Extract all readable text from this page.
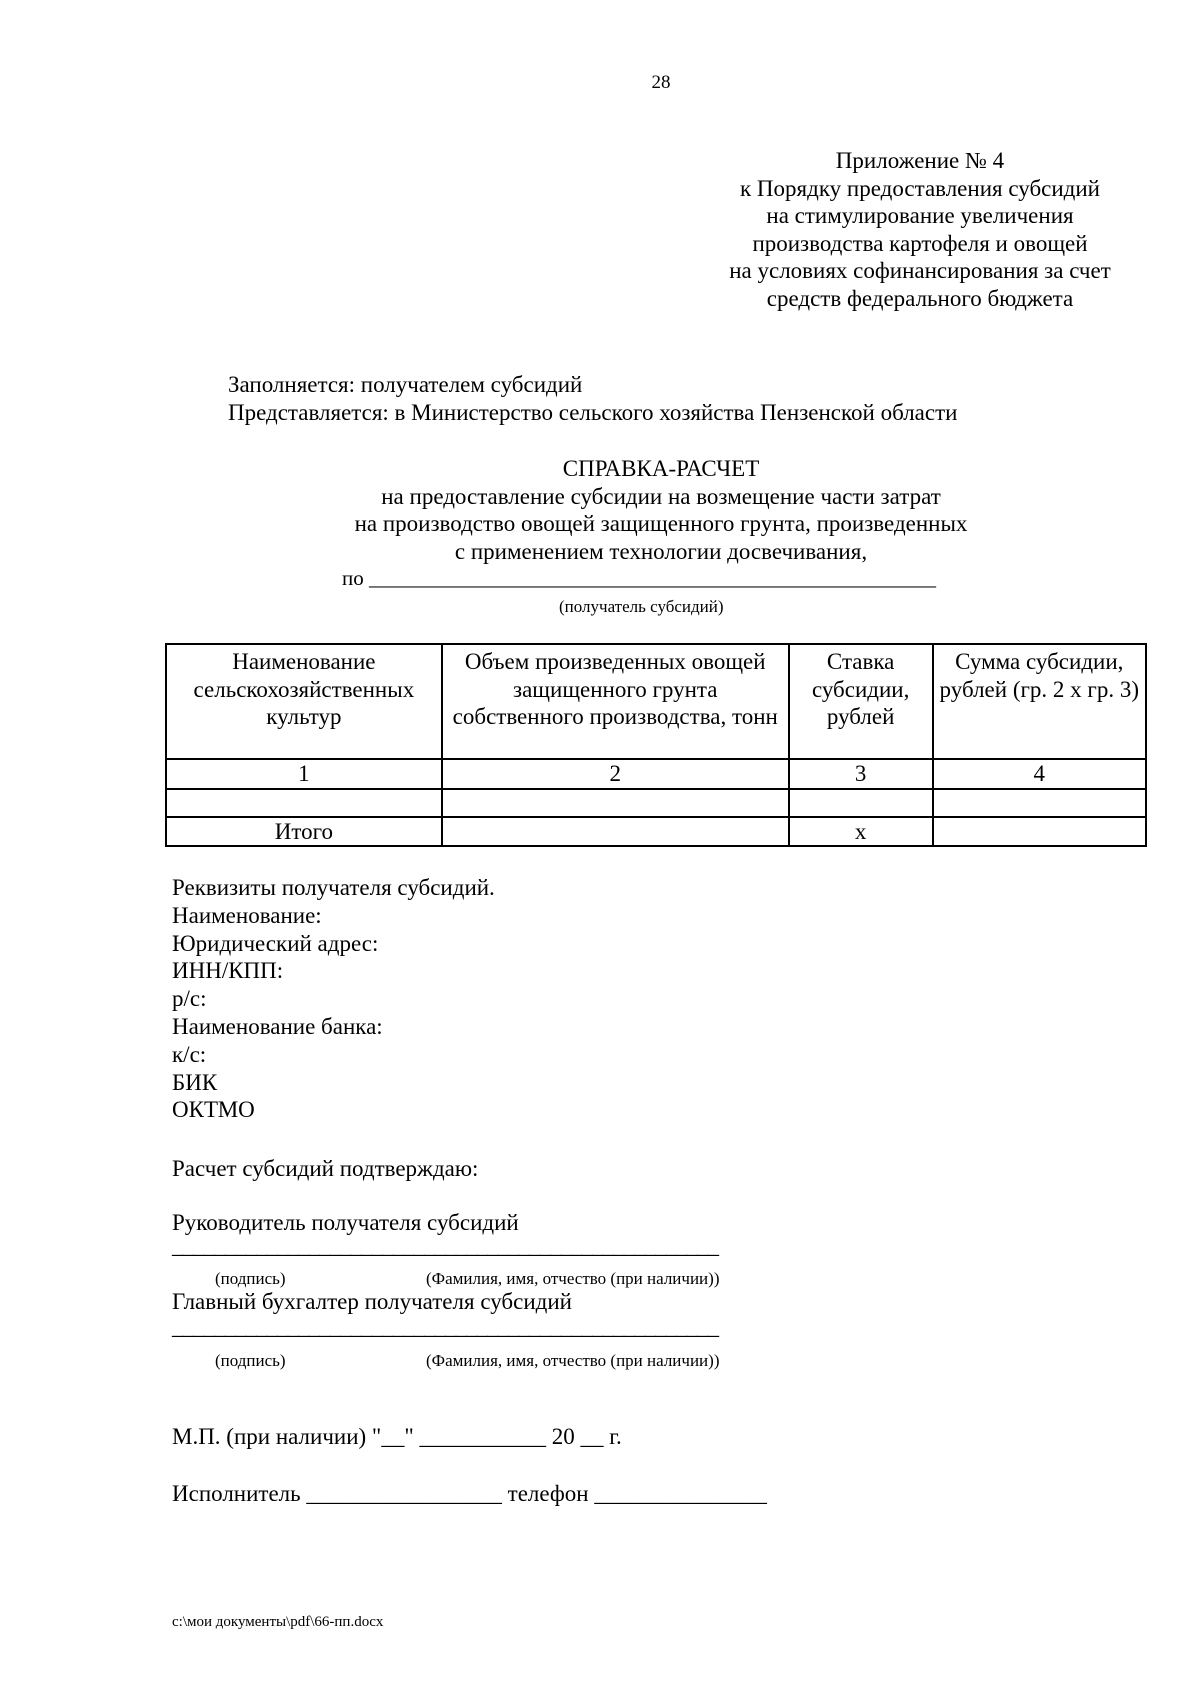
28
Приложение № 4
к Порядку предоставления субсидий
на стимулирование увеличения
производства картофеля и овощей
на условиях софинансирования за счет
средств федерального бюджета
Заполняется: получателем субсидий
Представляется: в Министерство сельского хозяйства Пензенской области
СПРАВКА-РАСЧЕТ
на предоставление субсидии на возмещение части затрат
на производство овощей защищенного грунта, произведенных
с применением технологии досвечивания,
по ______________________________________________________
(получатель субсидий)
Наименование сельскохозяйственных культур	Объем произведенных овощей защищенного грунта собственного производства, тонн	Ставка субсидии, рублей	Сумма субсидии, рублей (гр. 2 x гр. 3)
1	2	3	4

Итого		x	
Реквизиты получателя субсидий.
Наименование:
Юридический адрес:
ИНН/КПП:
р/с:
Наименование банка:
к/с:
БИК
ОКТМО
Расчет субсидий подтверждаю:
Руководитель получателя субсидий
____________________________________________________
(подпись)	(Фамилия, имя, отчество (при наличии))
Главный бухгалтер получателя субсидий
____________________________________________________
(подпись)	(Фамилия, имя, отчество (при наличии))
М.П. (при наличии) "__" ___________ 20 __ г.
Исполнитель _________________ телефон _______________
c:\мои документы\pdf\66-пп.docx
